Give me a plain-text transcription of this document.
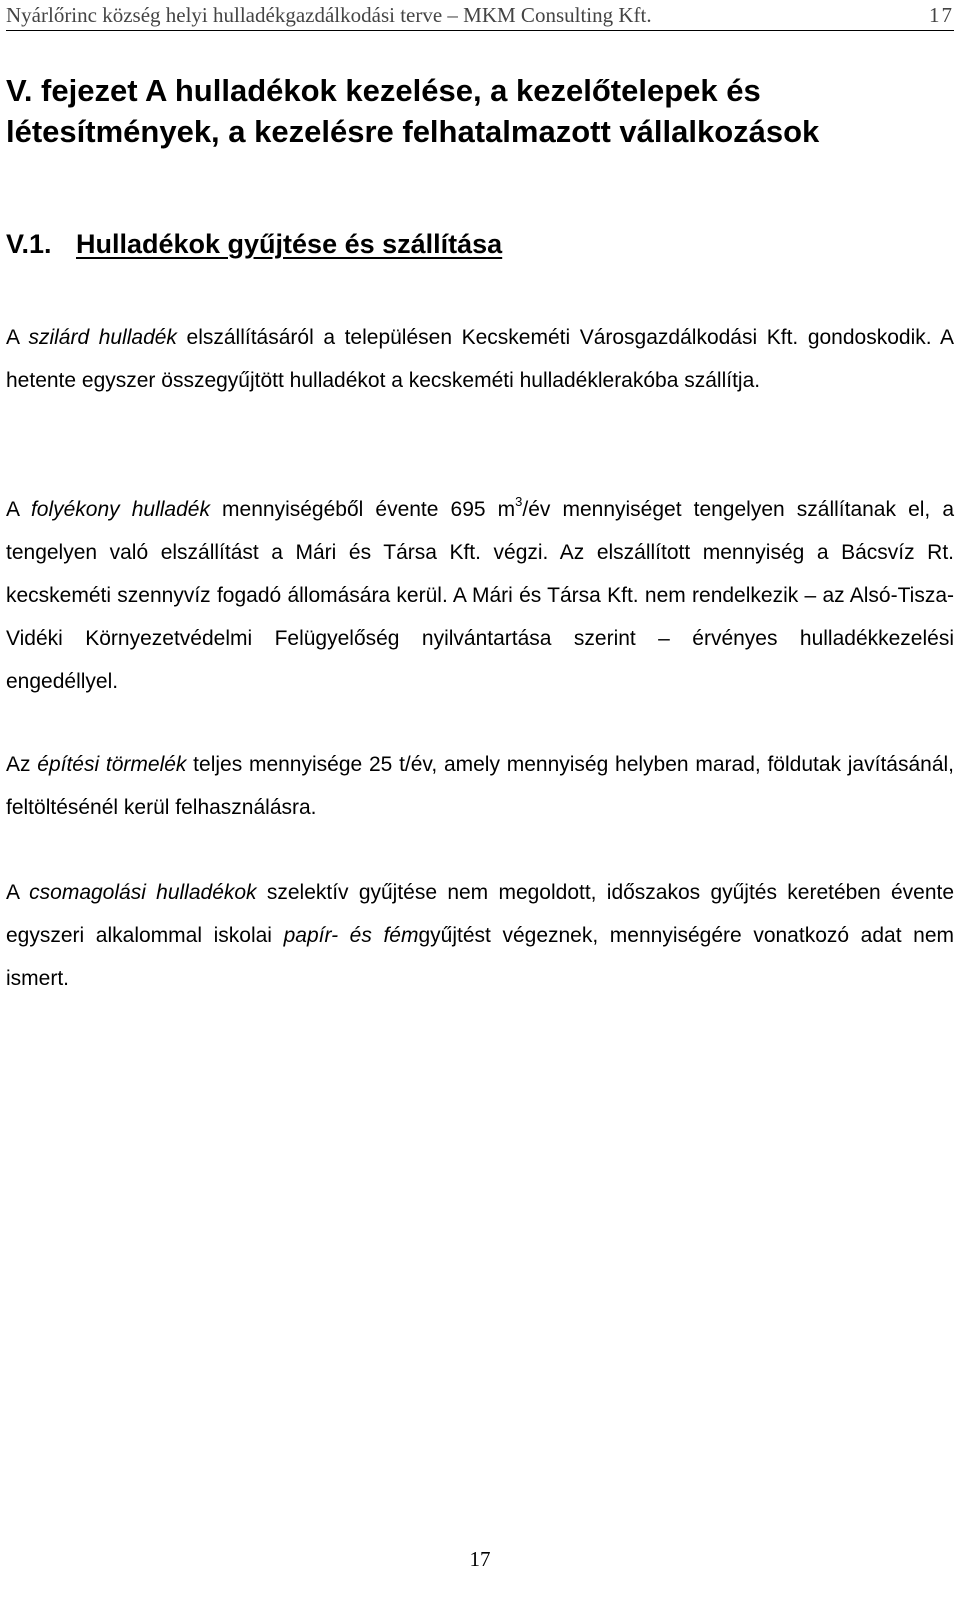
Nyárlőrinc község helyi hulladékgazdálkodási terve – MKM Consulting Kft.	17
V. fejezet A hulladékok kezelése, a kezelőtelepek és létesítmények, a kezelésre felhatalmazott vállalkozások
V.1. Hulladékok gyűjtése és szállítása

A szilárd hulladék elszállításáról a településen Kecskeméti Városgazdálkodási Kft. gondoskodik. A hetente egyszer összegyűjtött hulladékot a kecskeméti hulladéklerakóba szállítja.

A folyékony hulladék mennyiségéből évente 695 $m^3/év$ mennyiséget tengelyen szállítanak el, a tengelyen való elszállítást a Mári és Társa Kft. végzi. Az elszállított mennyiség a Bácsvíz Rt. kecskeméti szennyvíz fogadó állomására kerül. A Mári és Társa Kft. nem rendelkezik – az Alsó-Tisza-Vidéki Környezetvédelmi Felügyelőség nyilvántartása szerint – érvényes hulladékkezelési engedéllyel.

Az építési törmelék teljes mennyisége 25 t/év, amely mennyiség helyben marad, földutak javításánál, feltöltésénél kerül felhasználásra.

A csomagolási hulladékok szelektív gyűjtése nem megoldott, időszakos gyűjtés keretében évente egyszeri alkalommal iskolai papír- és fémgyűjtést végeznek, mennyiségére vonatkozó adat nem ismert.

17
